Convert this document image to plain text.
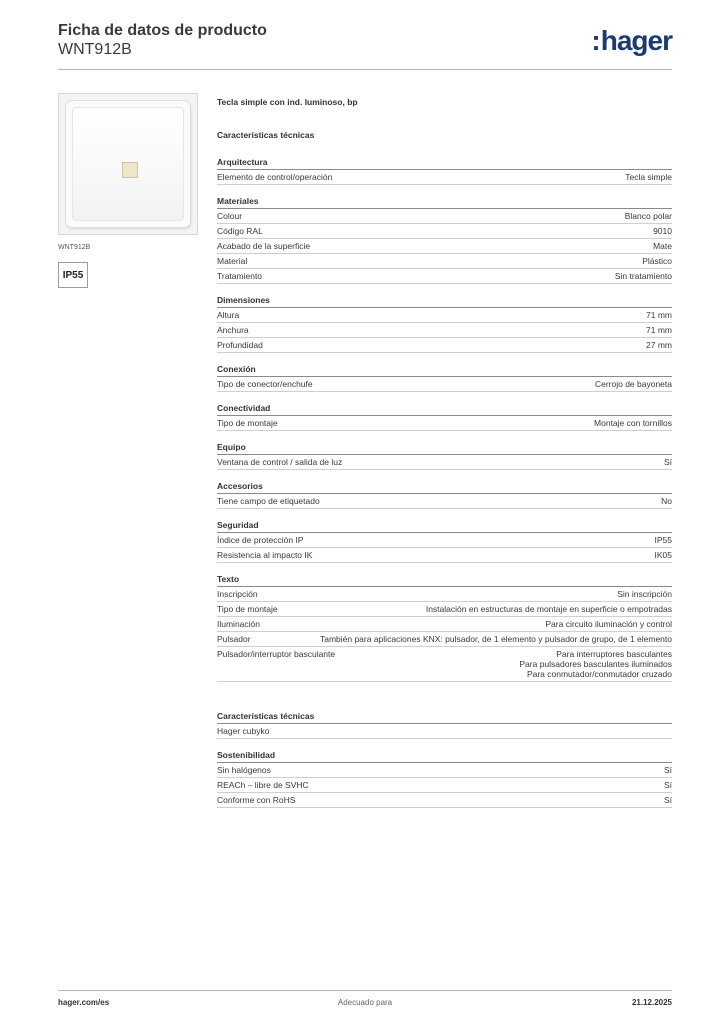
Ficha de datos de producto
WNT912B	:hager
WNT912B
IP55
Tecla simple con ind. luminoso, bp
Características técnicas
Arquitectura
Elemento de control/operación	Tecla simple
Materiales
Colour	Blanco polar
Código RAL	9010
Acabado de la superficie	Mate
Material	Plástico
Tratamiento	Sin tratamiento
Dimensiones
Altura	71 mm
Anchura	71 mm
Profundidad	27 mm
Conexión
Tipo de conector/enchufe	Cerrojo de bayoneta
Conectividad
Tipo de montaje	Montaje con tornillos
Equipo
Ventana de control / salida de luz	Sí
Accesorios
Tiene campo de etiquetado	No
Seguridad
Índice de protección IP	IP55
Resistencia al impacto IK	IK05
Texto
Inscripción	Sin inscripción
Tipo de montaje	Instalación en estructuras de montaje en superficie o empotradas
Iluminación	Para circuito iluminación y control
Pulsador	También para aplicaciones KNX: pulsador, de 1 elemento y pulsador de grupo, de 1 elemento
Pulsador/interruptor basculante	Para interruptores basculantes
Para pulsadores basculantes iluminados
Para conmutador/conmutador cruzado
Características técnicas
Hager cubyko
Sostenibilidad
Sin halógenos	Sí
REACh – libre de SVHC	Sí
Conforme con RoHS	Sí
hager.com/es	Adecuado para	21.12.2025
